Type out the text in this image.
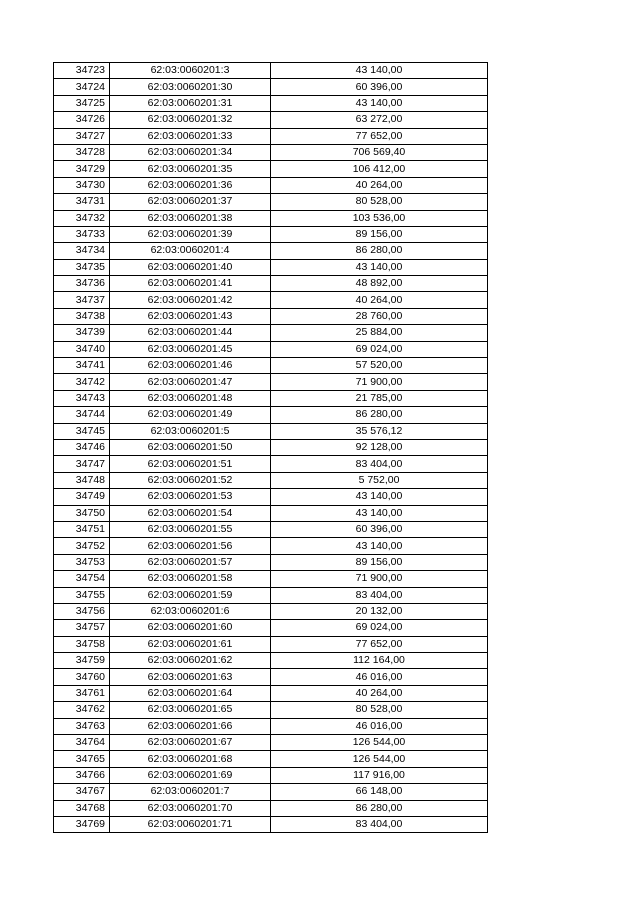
34723	62:03:0060201:3	43 140,00
34724	62:03:0060201:30	60 396,00
34725	62:03:0060201:31	43 140,00
34726	62:03:0060201:32	63 272,00
34727	62:03:0060201:33	77 652,00
34728	62:03:0060201:34	706 569,40
34729	62:03:0060201:35	106 412,00
34730	62:03:0060201:36	40 264,00
34731	62:03:0060201:37	80 528,00
34732	62:03:0060201:38	103 536,00
34733	62:03:0060201:39	89 156,00
34734	62:03:0060201:4	86 280,00
34735	62:03:0060201:40	43 140,00
34736	62:03:0060201:41	48 892,00
34737	62:03:0060201:42	40 264,00
34738	62:03:0060201:43	28 760,00
34739	62:03:0060201:44	25 884,00
34740	62:03:0060201:45	69 024,00
34741	62:03:0060201:46	57 520,00
34742	62:03:0060201:47	71 900,00
34743	62:03:0060201:48	21 785,00
34744	62:03:0060201:49	86 280,00
34745	62:03:0060201:5	35 576,12
34746	62:03:0060201:50	92 128,00
34747	62:03:0060201:51	83 404,00
34748	62:03:0060201:52	5 752,00
34749	62:03:0060201:53	43 140,00
34750	62:03:0060201:54	43 140,00
34751	62:03:0060201:55	60 396,00
34752	62:03:0060201:56	43 140,00
34753	62:03:0060201:57	89 156,00
34754	62:03:0060201:58	71 900,00
34755	62:03:0060201:59	83 404,00
34756	62:03:0060201:6	20 132,00
34757	62:03:0060201:60	69 024,00
34758	62:03:0060201:61	77 652,00
34759	62:03:0060201:62	112 164,00
34760	62:03:0060201:63	46 016,00
34761	62:03:0060201:64	40 264,00
34762	62:03:0060201:65	80 528,00
34763	62:03:0060201:66	46 016,00
34764	62:03:0060201:67	126 544,00
34765	62:03:0060201:68	126 544,00
34766	62:03:0060201:69	117 916,00
34767	62:03:0060201:7	66 148,00
34768	62:03:0060201:70	86 280,00
34769	62:03:0060201:71	83 404,00
